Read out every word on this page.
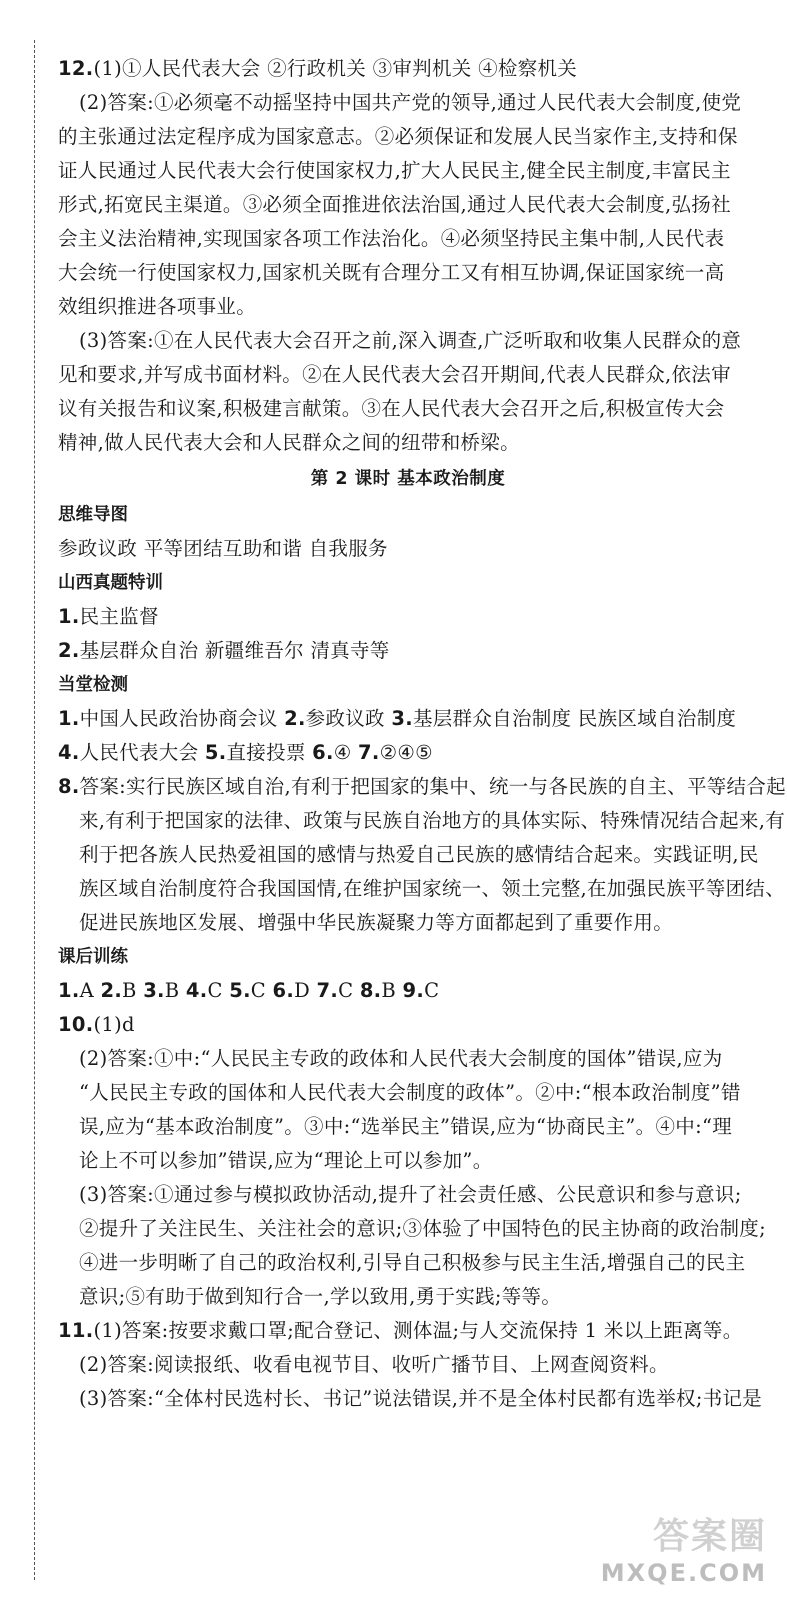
12.(1)①人民代表大会 ②行政机关 ③审判机关 ④检察机关
(2)答案:①必须毫不动摇坚持中国共产党的领导,通过人民代表大会制度,使党
的主张通过法定程序成为国家意志。②必须保证和发展人民当家作主,支持和保
证人民通过人民代表大会行使国家权力,扩大人民民主,健全民主制度,丰富民主
形式,拓宽民主渠道。③必须全面推进依法治国,通过人民代表大会制度,弘扬社
会主义法治精神,实现国家各项工作法治化。④必须坚持民主集中制,人民代表
大会统一行使国家权力,国家机关既有合理分工又有相互协调,保证国家统一高
效组织推进各项事业。
(3)答案:①在人民代表大会召开之前,深入调查,广泛听取和收集人民群众的意
见和要求,并写成书面材料。②在人民代表大会召开期间,代表人民群众,依法审
议有关报告和议案,积极建言献策。③在人民代表大会召开之后,积极宣传大会
精神,做人民代表大会和人民群众之间的纽带和桥梁。
第 2 课时 基本政治制度
思维导图
参政议政 平等团结互助和谐 自我服务
山西真题特训
1.民主监督
2.基层群众自治 新疆维吾尔 清真寺等
当堂检测
1.中国人民政治协商会议 2.参政议政 3.基层群众自治制度 民族区域自治制度
4.人民代表大会 5.直接投票 6.④ 7.②④⑤
8.答案:实行民族区域自治,有利于把国家的集中、统一与各民族的自主、平等结合起
来,有利于把国家的法律、政策与民族自治地方的具体实际、特殊情况结合起来,有
利于把各族人民热爱祖国的感情与热爱自己民族的感情结合起来。实践证明,民
族区域自治制度符合我国国情,在维护国家统一、领土完整,在加强民族平等团结、
促进民族地区发展、增强中华民族凝聚力等方面都起到了重要作用。
课后训练
1.A 2.B 3.B 4.C 5.C 6.D 7.C 8.B 9.C
10.(1)d
(2)答案:①中:“人民民主专政的政体和人民代表大会制度的国体”错误,应为
“人民民主专政的国体和人民代表大会制度的政体”。②中:“根本政治制度”错
误,应为“基本政治制度”。③中:“选举民主”错误,应为“协商民主”。④中:“理
论上不可以参加”错误,应为“理论上可以参加”。
(3)答案:①通过参与模拟政协活动,提升了社会责任感、公民意识和参与意识;
②提升了关注民生、关注社会的意识;③体验了中国特色的民主协商的政治制度;
④进一步明晰了自己的政治权利,引导自己积极参与民主生活,增强自己的民主
意识;⑤有助于做到知行合一,学以致用,勇于实践;等等。
11.(1)答案:按要求戴口罩;配合登记、测体温;与人交流保持 1 米以上距离等。
(2)答案:阅读报纸、收看电视节目、收听广播节目、上网查阅资料。
(3)答案:“全体村民选村长、书记”说法错误,并不是全体村民都有选举权;书记是
答案圈
MXQE.COM
